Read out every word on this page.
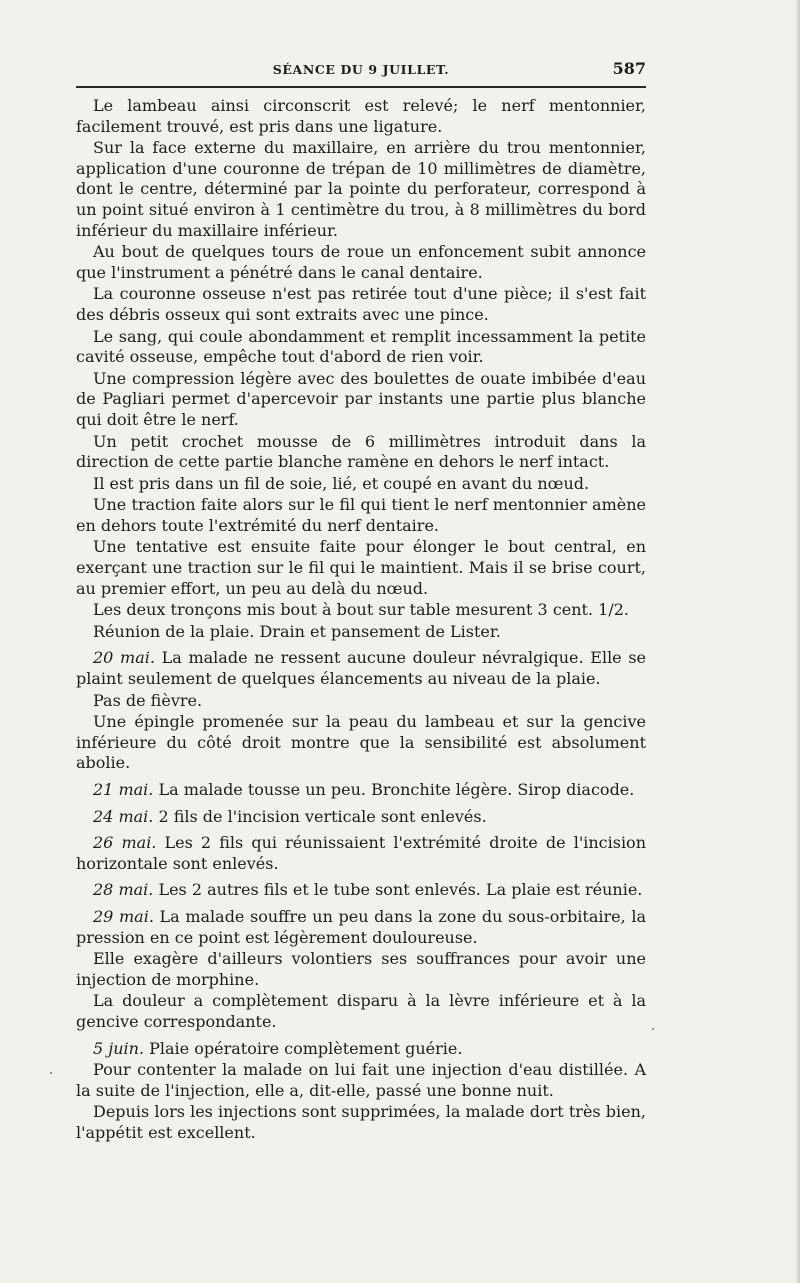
SÉANCE DU 9 JUILLET.	587

Le lambeau ainsi circonscrit est relevé; le nerf mentonnier, facilement trouvé, est pris dans une ligature.

Sur la face externe du maxillaire, en arrière du trou mentonnier, application d'une couronne de trépan de 10 millimètres de diamètre, dont le centre, déterminé par la pointe du perforateur, correspond à un point situé environ à 1 centimètre du trou, à 8 millimètres du bord inférieur du maxillaire inférieur.

Au bout de quelques tours de roue un enfoncement subit annonce que l'instrument a pénétré dans le canal dentaire.

La couronne osseuse n'est pas retirée tout d'une pièce; il s'est fait des débris osseux qui sont extraits avec une pince.

Le sang, qui coule abondamment et remplit incessamment la petite cavité osseuse, empêche tout d'abord de rien voir.

Une compression légère avec des boulettes de ouate imbibée d'eau de Pagliari permet d'apercevoir par instants une partie plus blanche qui doit être le nerf.

Un petit crochet mousse de 6 millimètres introduit dans la direction de cette partie blanche ramène en dehors le nerf intact.

Il est pris dans un fil de soie, lié, et coupé en avant du nœud.

Une traction faite alors sur le fil qui tient le nerf mentonnier amène en dehors toute l'extrémité du nerf dentaire.

Une tentative est ensuite faite pour élonger le bout central, en exerçant une traction sur le fil qui le maintient. Mais il se brise court, au premier effort, un peu au delà du nœud.

Les deux tronçons mis bout à bout sur table mesurent 3 cent. 1/2.

Réunion de la plaie. Drain et pansement de Lister.

20 mai. La malade ne ressent aucune douleur névralgique. Elle se plaint seulement de quelques élancements au niveau de la plaie.

Pas de fièvre.

Une épingle promenée sur la peau du lambeau et sur la gencive inférieure du côté droit montre que la sensibilité est absolument abolie.

21 mai. La malade tousse un peu. Bronchite légère. Sirop diacode.

24 mai. 2 fils de l'incision verticale sont enlevés.

26 mai. Les 2 fils qui réunissaient l'extrémité droite de l'incision horizontale sont enlevés.

28 mai. Les 2 autres fils et le tube sont enlevés. La plaie est réunie.

29 mai. La malade souffre un peu dans la zone du sous-orbitaire, la pression en ce point est légèrement douloureuse.

Elle exagère d'ailleurs volontiers ses souffrances pour avoir une injection de morphine.

La douleur a complètement disparu à la lèvre inférieure et à la gencive correspondante.

5 juin. Plaie opératoire complètement guérie.

Pour contenter la malade on lui fait une injection d'eau distillée. A la suite de l'injection, elle a, dit-elle, passé une bonne nuit.

Depuis lors les injections sont supprimées, la malade dort très bien, l'appétit est excellent.
